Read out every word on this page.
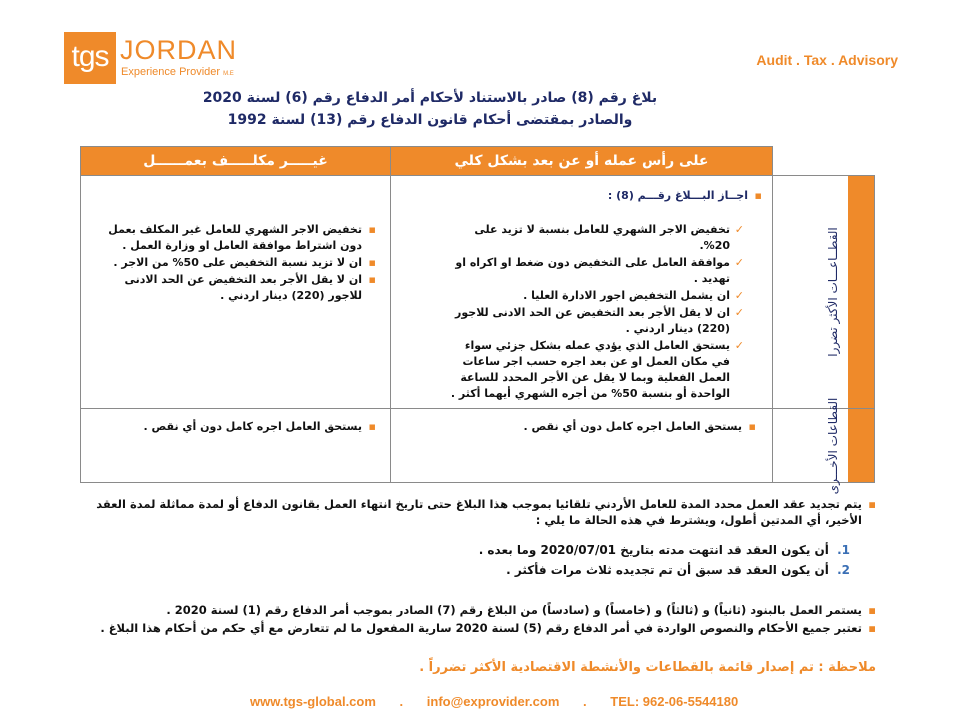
tgs JORDAN
Experience Provider M.E
Audit . Tax . Advisory
بلاغ رقم (8) صادر بالاستناد لأحكام أمر الدفاع رقم (6) لسنة 2020
والصادر بمقتضى أحكام قانون الدفاع رقم (13) لسنة 1992
على رأس عمله أو عن بعد بشكل كلي
غيـــــر مكلـــــف بعمــــــل
القطــاعـــات الأكثر تضررا
القطاعات الأخـــرى
▪ اجــاز البـــلاغ رقـــم (8) :
✓ تخفيض الاجر الشهري للعامل بنسبة لا تزيد على 20%.
✓ موافقة العامل على التخفيض دون ضغط او اكراه او تهديد .
✓ ان يشمل التخفيض اجور الادارة العليا .
✓ ان لا يقل الأجر بعد التخفيض عن الحد الادنى للاجور (220) دينار اردني .
✓ يستحق العامل الذي يؤدي عمله بشكل جزئي سواء في مكان العمل او عن بعد اجره حسب اجر ساعات العمل الفعلية وبما لا يقل عن الأجر المحدد للساعة الواحدة أو بنسبة 50% من أجره الشهري أيهما أكثر .
▪ تخفيض الاجر الشهري للعامل غير المكلف بعمل دون اشتراط موافقة العامل او وزارة العمل .
▪ ان لا تزيد نسبة التخفيض على 50% من الاجر .
▪ ان لا يقل الأجر بعد التخفيض عن الحد الادنى للاجور (220) دينار اردني .
▪ يستحق العامل اجره كامل دون أي نقص .
▪ يستحق العامل اجره كامل دون أي نقص .
▪ يتم تجديد عقد العمل محدد المدة للعامل الأردني تلقائيا بموجب هذا البلاغ حتى تاريخ انتهاء العمل بقانون الدفاع أو لمدة مماثلة لمدة العقد الأخير، أي المدتين أطول، ويشترط في هذه الحالة ما يلي :
1. أن يكون العقد قد انتهت مدته بتاريخ 2020/07/01 وما بعده .
2. أن يكون العقد قد سبق أن تم تجديده ثلاث مرات فأكثر .
▪ يستمر العمل بالبنود (ثانياً) و (ثالثاً) و (خامساً) و (سادساً) من البلاغ رقم (7) الصادر بموجب أمر الدفاع رقم (1) لسنة 2020 .
▪ تعتبر جميع الأحكام والنصوص الواردة في أمر الدفاع رقم (5) لسنة 2020 سارية المفعول ما لم تتعارض مع أي حكم من أحكام هذا البلاغ .
ملاحظة : تم إصدار قائمة بالقطاعات والأنشطة الاقتصادية الأكثر تضرراً .
www.tgs-global.com . info@exprovider.com . TEL: 962-06-5544180
